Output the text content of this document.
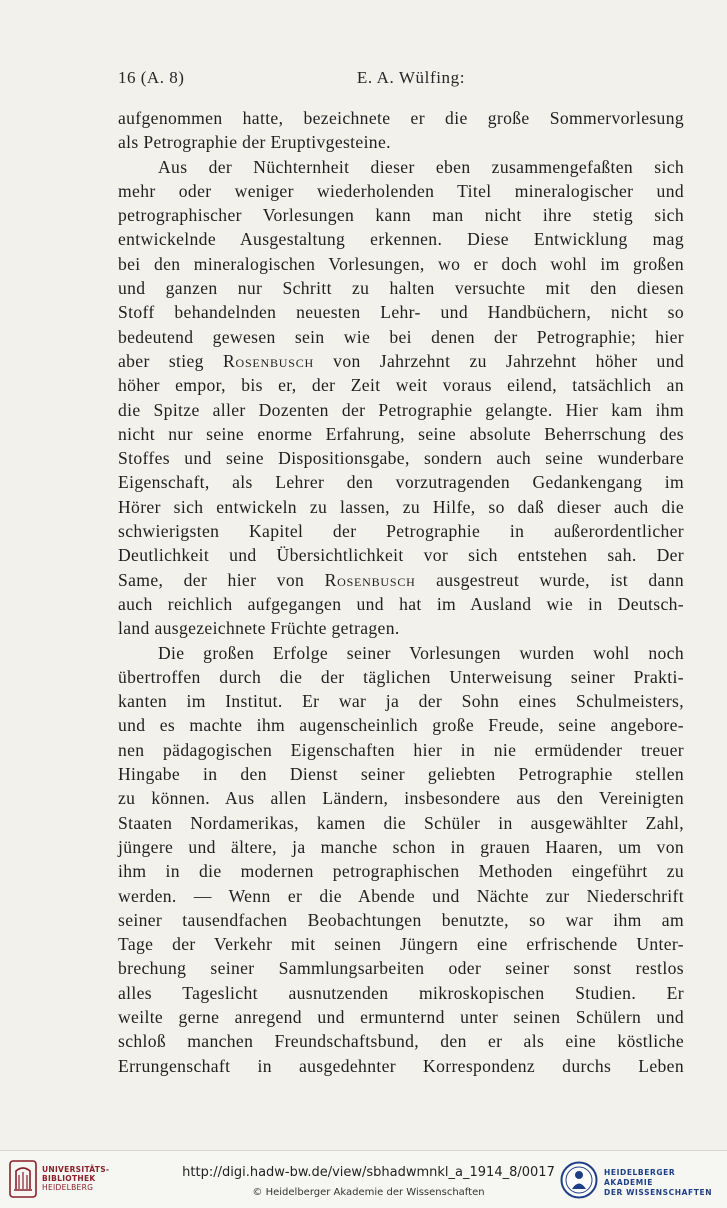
16 (A. 8)	E. A. Wülfing:
aufgenommen hatte, bezeichnete er die große Sommervorlesung
als Petrographie der Eruptivgesteine.
Aus der Nüchternheit dieser eben zusammengefaßten sich
mehr oder weniger wiederholenden Titel mineralogischer und
petrographischer Vorlesungen kann man nicht ihre stetig sich
entwickelnde Ausgestaltung erkennen. Diese Entwicklung mag
bei den mineralogischen Vorlesungen, wo er doch wohl im großen
und ganzen nur Schritt zu halten versuchte mit den diesen
Stoff behandelnden neuesten Lehr- und Handbüchern, nicht so
bedeutend gewesen sein wie bei denen der Petrographie; hier
aber stieg Rosenbusch von Jahrzehnt zu Jahrzehnt höher und
höher empor, bis er, der Zeit weit voraus eilend, tatsächlich an
die Spitze aller Dozenten der Petrographie gelangte. Hier kam ihm
nicht nur seine enorme Erfahrung, seine absolute Beherrschung des
Stoffes und seine Dispositionsgabe, sondern auch seine wunderbare
Eigenschaft, als Lehrer den vorzutragenden Gedankengang im
Hörer sich entwickeln zu lassen, zu Hilfe, so daß dieser auch die
schwierigsten Kapitel der Petrographie in außerordentlicher
Deutlichkeit und Übersichtlichkeit vor sich entstehen sah. Der
Same, der hier von Rosenbusch ausgestreut wurde, ist dann
auch reichlich aufgegangen und hat im Ausland wie in Deutsch-
land ausgezeichnete Früchte getragen.
Die großen Erfolge seiner Vorlesungen wurden wohl noch
übertroffen durch die der täglichen Unterweisung seiner Prakti-
kanten im Institut. Er war ja der Sohn eines Schulmeisters,
und es machte ihm augenscheinlich große Freude, seine angebore-
nen pädagogischen Eigenschaften hier in nie ermüdender treuer
Hingabe in den Dienst seiner geliebten Petrographie stellen
zu können. Aus allen Ländern, insbesondere aus den Vereinigten
Staaten Nordamerikas, kamen die Schüler in ausgewählter Zahl,
jüngere und ältere, ja manche schon in grauen Haaren, um von
ihm in die modernen petrographischen Methoden eingeführt zu
werden. — Wenn er die Abende und Nächte zur Niederschrift
seiner tausendfachen Beobachtungen benutzte, so war ihm am
Tage der Verkehr mit seinen Jüngern eine erfrischende Unter-
brechung seiner Sammlungsarbeiten oder seiner sonst restlos
alles Tageslicht ausnutzenden mikroskopischen Studien. Er
weilte gerne anregend und ermunternd unter seinen Schülern und
schloß manchen Freundschaftsbund, den er als eine köstliche
Errungenschaft in ausgedehnter Korrespondenz durchs Leben
UNIVERSITÄTS-
BIBLIOTHEK
HEIDELBERG
http://digi.hadw-bw.de/view/sbhadwmnkl_a_1914_8/0017
© Heidelberger Akademie der Wissenschaften
HEIDELBERGER AKADEMIE
DER WISSENSCHAFTEN
